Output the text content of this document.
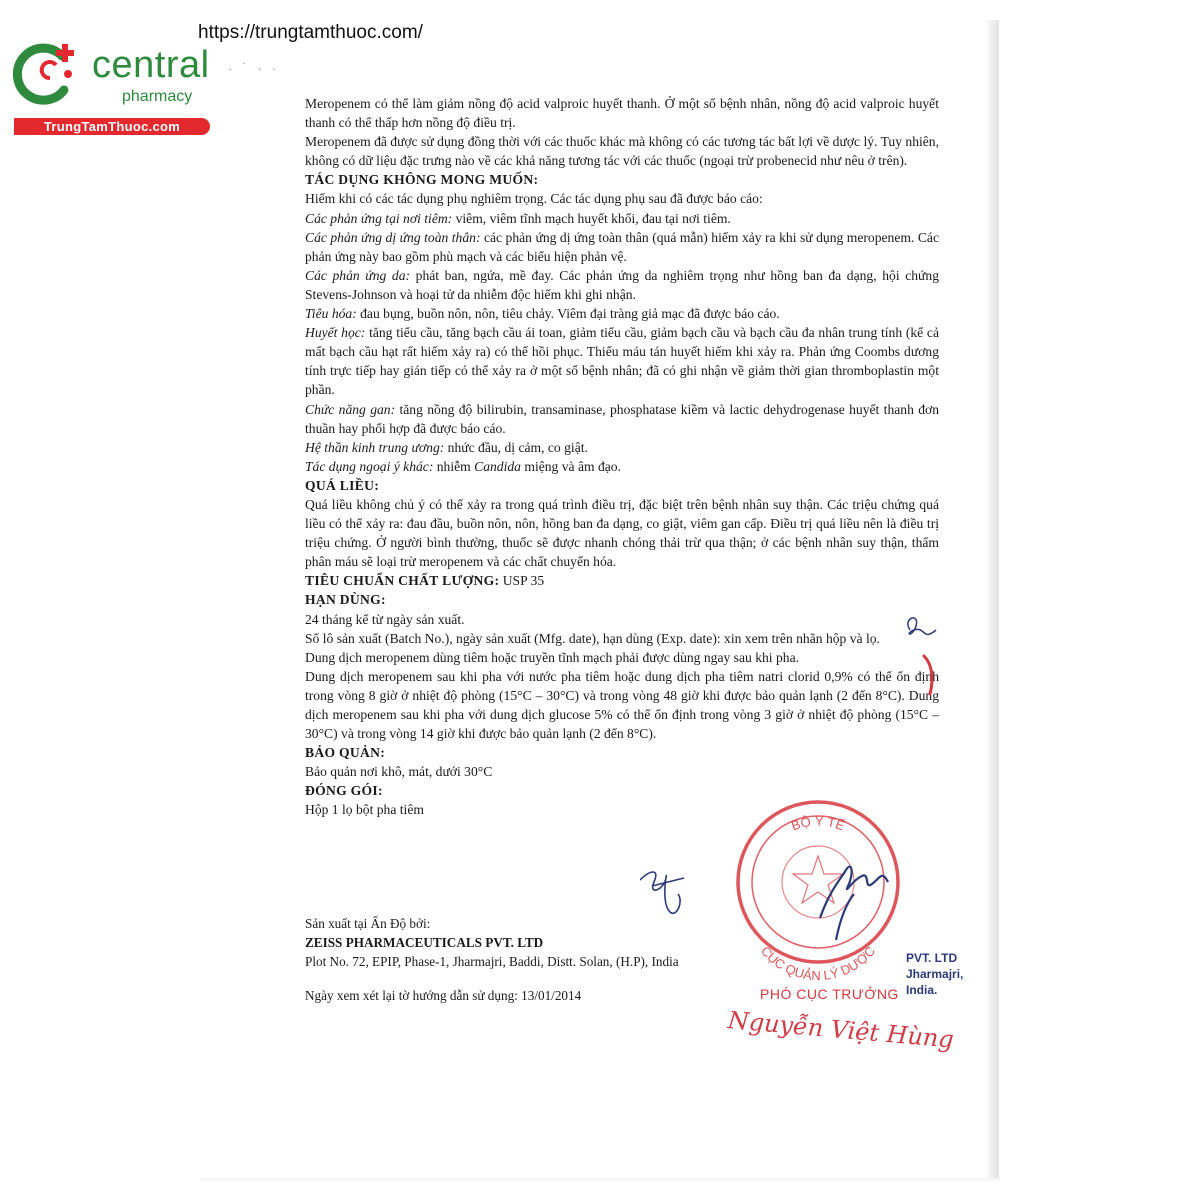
https://trungtamthuoc.com/
central
pharmacy
TrungTamThuoc.com
· ˙ · ·

Meropenem có thể làm giảm nồng độ acid valproic huyết thanh. Ở một số bệnh nhân, nồng độ acid valproic huyết thanh có thể thấp hơn nồng độ điều trị.

Meropenem đã được sử dụng đồng thời với các thuốc khác mà không có các tương tác bất lợi về dược lý. Tuy nhiên, không có dữ liệu đặc trưng nào về các khả năng tương tác với các thuốc (ngoại trừ probenecid như nêu ở trên).

TÁC DỤNG KHÔNG MONG MUỐN:

Hiếm khi có các tác dụng phụ nghiêm trọng. Các tác dụng phụ sau đã được báo cáo:

Các phản ứng tại nơi tiêm: viêm, viêm tĩnh mạch huyết khối, đau tại nơi tiêm.

Các phản ứng dị ứng toàn thân: các phản ứng dị ứng toàn thân (quá mẫn) hiếm xảy ra khi sử dụng meropenem. Các phản ứng này bao gồm phù mạch và các biểu hiện phản vệ.

Các phản ứng da: phát ban, ngứa, mề đay. Các phản ứng da nghiêm trọng như hồng ban đa dạng, hội chứng Stevens-Johnson và hoại tử da nhiễm độc hiếm khi ghi nhận.

Tiêu hóa: đau bụng, buồn nôn, nôn, tiêu chảy. Viêm đại tràng giả mạc đã được báo cáo.

Huyết học: tăng tiểu cầu, tăng bạch cầu ái toan, giảm tiểu cầu, giảm bạch cầu và bạch cầu đa nhân trung tính (kể cả mất bạch cầu hạt rất hiếm xảy ra) có thể hồi phục. Thiếu máu tán huyết hiếm khi xảy ra. Phản ứng Coombs dương tính trực tiếp hay gián tiếp có thể xảy ra ở một số bệnh nhân; đã có ghi nhận về giảm thời gian thromboplastin một phần.

Chức năng gan: tăng nồng độ bilirubin, transaminase, phosphatase kiềm và lactic dehydrogenase huyết thanh đơn thuần hay phối hợp đã được báo cáo.

Hệ thần kinh trung ương: nhức đầu, dị cảm, co giật.

Tác dụng ngoại ý khác: nhiễm Candida miệng và âm đạo.

QUÁ LIỀU:

Quá liều không chủ ý có thể xảy ra trong quá trình điều trị, đặc biệt trên bệnh nhân suy thận. Các triệu chứng quá liều có thể xảy ra: đau đầu, buồn nôn, nôn, hồng ban đa dạng, co giật, viêm gan cấp. Điều trị quá liều nên là điều trị triệu chứng. Ở người bình thường, thuốc sẽ được nhanh chóng thải trừ qua thận; ở các bệnh nhân suy thận, thẩm phân máu sẽ loại trừ meropenem và các chất chuyển hóa.

TIÊU CHUẨN CHẤT LƯỢNG: USP 35

HẠN DÙNG:

24 tháng kể từ ngày sản xuất.

Số lô sản xuất (Batch No.), ngày sản xuất (Mfg. date), hạn dùng (Exp. date): xin xem trên nhãn hộp và lọ.

Dung dịch meropenem dùng tiêm hoặc truyền tĩnh mạch phải được dùng ngay sau khi pha.

Dung dịch meropenem sau khi pha với nước pha tiêm hoặc dung dịch pha tiêm natri clorid 0,9% có thể ổn định trong vòng 8 giờ ở nhiệt độ phòng (15°C – 30°C) và trong vòng 48 giờ khi được bảo quản lạnh (2 đến 8°C). Dung dịch meropenem sau khi pha với dung dịch glucose 5% có thể ổn định trong vòng 3 giờ ở nhiệt độ phòng (15°C – 30°C) và trong vòng 14 giờ khi được bảo quản lạnh (2 đến 8°C).

BẢO QUẢN:

Bảo quản nơi khô, mát, dưới 30°C

ĐÓNG GÓI:

Hộp 1 lọ bột pha tiêm

Sản xuất tại Ấn Độ bởi:

ZEISS PHARMACEUTICALS PVT. LTD

Plot No. 72, EPIP, Phase-1, Jharmajri, Baddi, Distt. Solan, (H.P), India

Ngày xem xét lại tờ hướng dẫn sử dụng: 13/01/2014
BỘ Y TẾ
CỤC QUẢN LÝ DƯỢC PVT. LTD
Jharmajri,
India.
PHÓ CỤC TRƯỞNG
Nguyễn Việt Hùng
